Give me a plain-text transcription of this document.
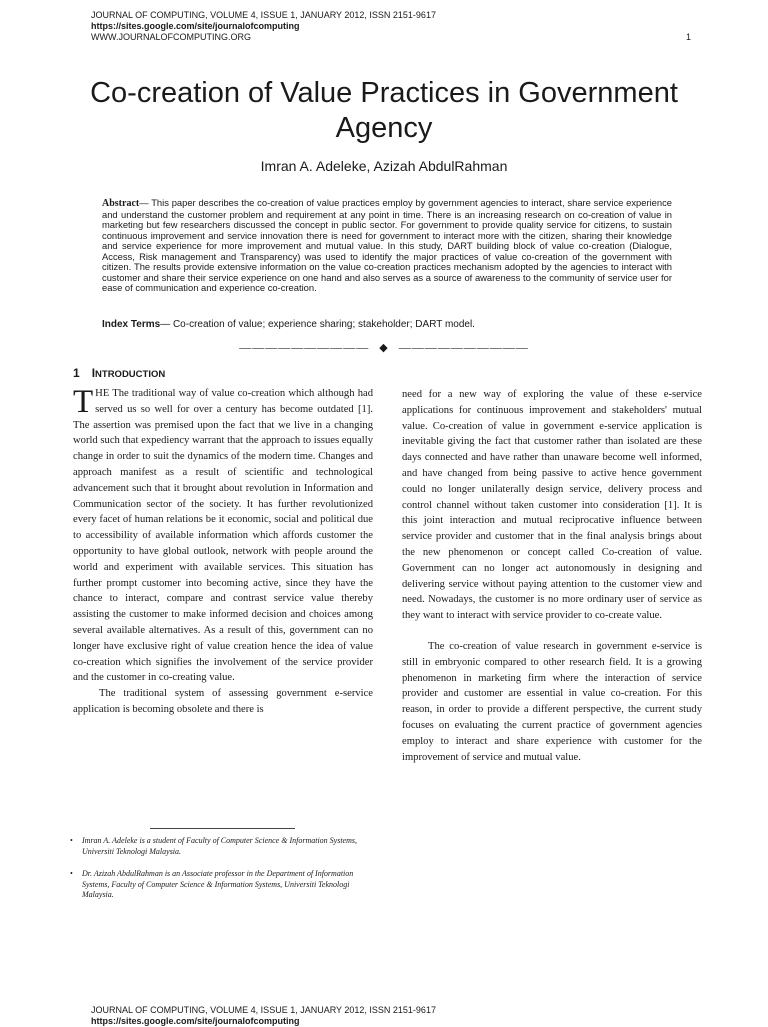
JOURNAL OF COMPUTING, VOLUME 4, ISSUE 1, JANUARY 2012, ISSN 2151-9617
https://sites.google.com/site/journalofcomputing
WWW.JOURNALOFCOMPUTING.ORG	1
Co-creation of Value Practices in Government
Agency
Imran A. Adeleke, Azizah AbdulRahman
Abstract— This paper describes the co-creation of value practices employ by government agencies to interact, share service experience and understand the customer problem and requirement at any point in time. There is an increasing research on co-creation of value in marketing but few researchers discussed the concept in public sector. For government to provide quality service for citizens, to sustain continuous improvement and service innovation there is need for government to interact more with the citizen, sharing their knowledge and service experience for more improvement and mutual value. In this study, DART building block of value co-creation (Dialogue, Access, Risk management and Transparency) was used to identify the major practices of value co-creation of the government with citizen. The results provide extensive information on the value co-creation practices mechanism adopted by the agencies to interact with customer and share their service experience on one hand and also serves as a source of awareness to the community of service user for ease of communication and experience co-creation.
Index Terms— Co-creation of value; experience sharing; stakeholder; DART model.
—————————— ◆ ——————————
1 INTRODUCTION

THE The traditional way of value co-creation which although had served us so well for over a century has become outdated [1]. The assertion was premised upon the fact that we live in a changing world such that expediency warrant that the approach to issues equally change in order to suit the dynamics of the modern time. Changes and approach manifest as a result of scientific and technological advancement such that it brought about revolution in Information and Communication sector of the society. It has further revolutionized every facet of human relations be it economic, social and political due to accessibility of available information which affords customer the opportunity to have global outlook, network with people around the world and experiment with available services. This situation has further prompt customer into becoming active, since they have the chance to interact, compare and contrast service value thereby assisting the customer to make informed decision and choices among several available alternatives. As a result of this, government can no longer have exclusive right of value creation hence the idea of value co-creation which signifies the involvement of the service provider and the customer in co-creating value.

The traditional system of assessing government e-service application is becoming obsolete and there is

need for a new way of exploring the value of these e-service applications for continuous improvement and stakeholders' mutual value. Co-creation of value in government e-service application is inevitable giving the fact that customer rather than isolated are these days connected and have rather than unaware become well informed, and have changed from being passive to active hence government could no longer unilaterally design service, delivery process and control channel without taken customer into consideration [1]. It is this joint interaction and mutual reciprocative influence between service provider and customer that in the final analysis brings about the new phenomenon or concept called Co-creation of value. Government can no longer act autonomously in designing and delivering service without paying attention to the customer view and need. Nowadays, the customer is no more ordinary user of service as they want to interact with service provider to co-create value.

The co-creation of value research in government e-service is still in embryonic compared to other research field. It is a growing phenomenon in marketing firm where the interaction of service provider and customer are essential in value co-creation. For this reason, in order to provide a different perspective, the current study focuses on evaluating the current practice of government agencies employ to interact and share experience with customer for the improvement of service and mutual value.

•	Imran A. Adeleke is a student of Faculty of Computer Science & Information Systems, Universiti Teknologi Malaysia.
•	Dr. Azizah AbdulRahman is an Associate professor in the Department of Information Systems, Faculty of Computer Science & Information Systems, Universiti Teknologi Malaysia.
JOURNAL OF COMPUTING, VOLUME 4, ISSUE 1, JANUARY 2012, ISSN 2151-9617
https://sites.google.com/site/journalofcomputing
